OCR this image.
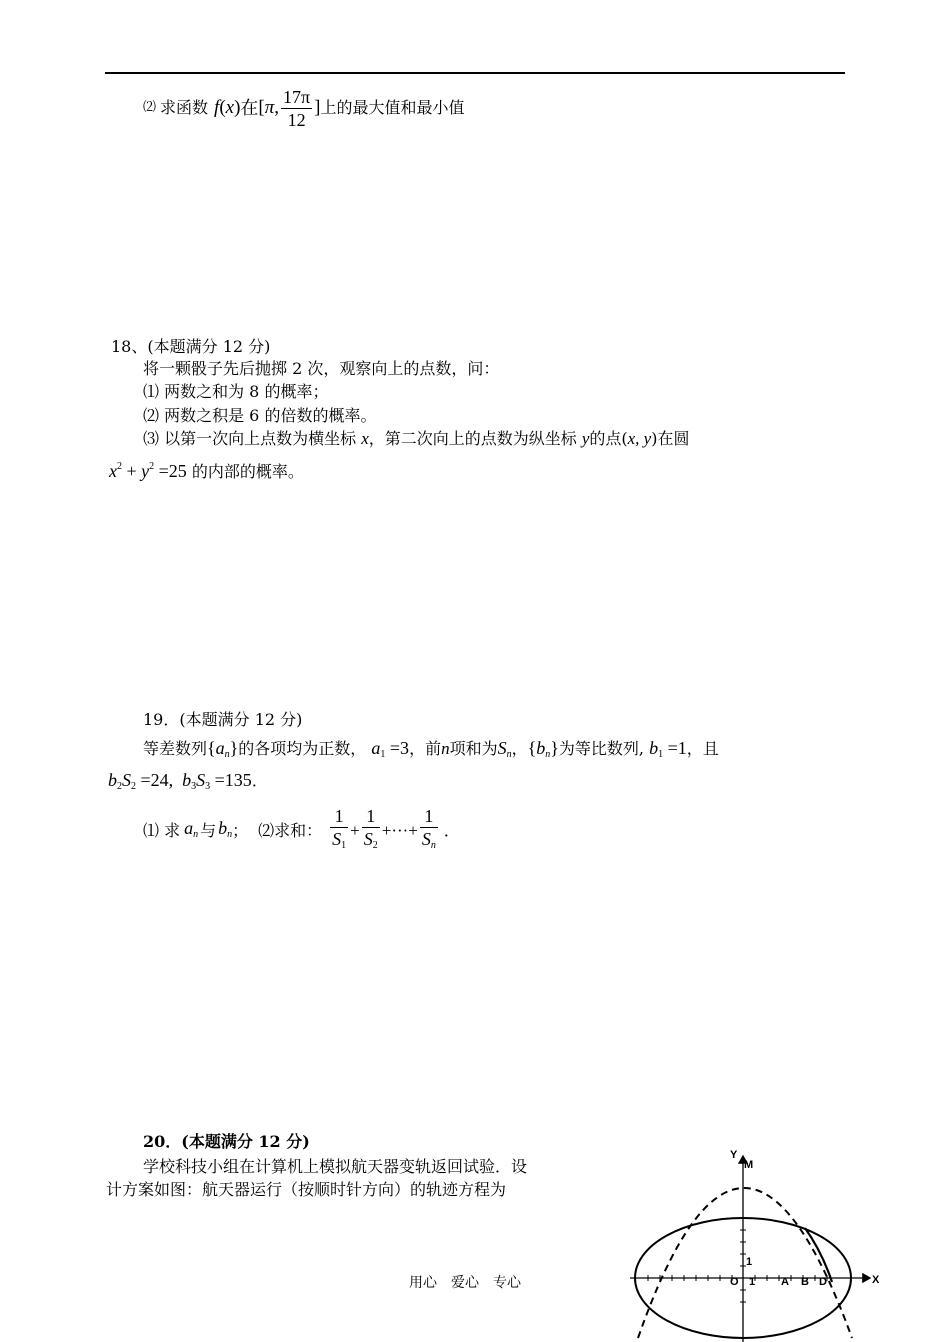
⑵ 求函数 f (x) 在 [π, $\frac{17\pi}{12}$ ] 上的最大值和最小值
18、(本题满分 12 分)
将一颗骰子先后抛掷 2 次，观察向上的点数，问：
⑴ 两数之和为 8 的概率；
⑵ 两数之积是 6 的倍数的概率。
⑶ 以第一次向上点数为横坐标 x，第二次向上的点数为纵坐标 y的点(x, y)在圆
$x^2 + y^2 =25$ 的内部的概率。
19．(本题满分 12 分)
等差数列$\{a_n\}$的各项均为正数， $a_1 =3$，前n项和为$S_n$，$\{b_n\}$为等比数列, $b_1 =1$，且
$b_2S_2 =24$,  $b_3S_3 =135$．
⑴ 求 $a_n$ 与 $b_n$ ； ⑵求和： $\frac{1}{S_1} + \frac{1}{S_2}$ +···+ $\frac{1}{S_n}$ ．
20．(本题满分 12 分)
学校科技小组在计算机上模拟航天器变轨返回试验．设
计方案如图：航天器运行（按顺时针方向）的轨迹方程为
Y
M
1
O 1 A B D	X
用心　爱心　专心
